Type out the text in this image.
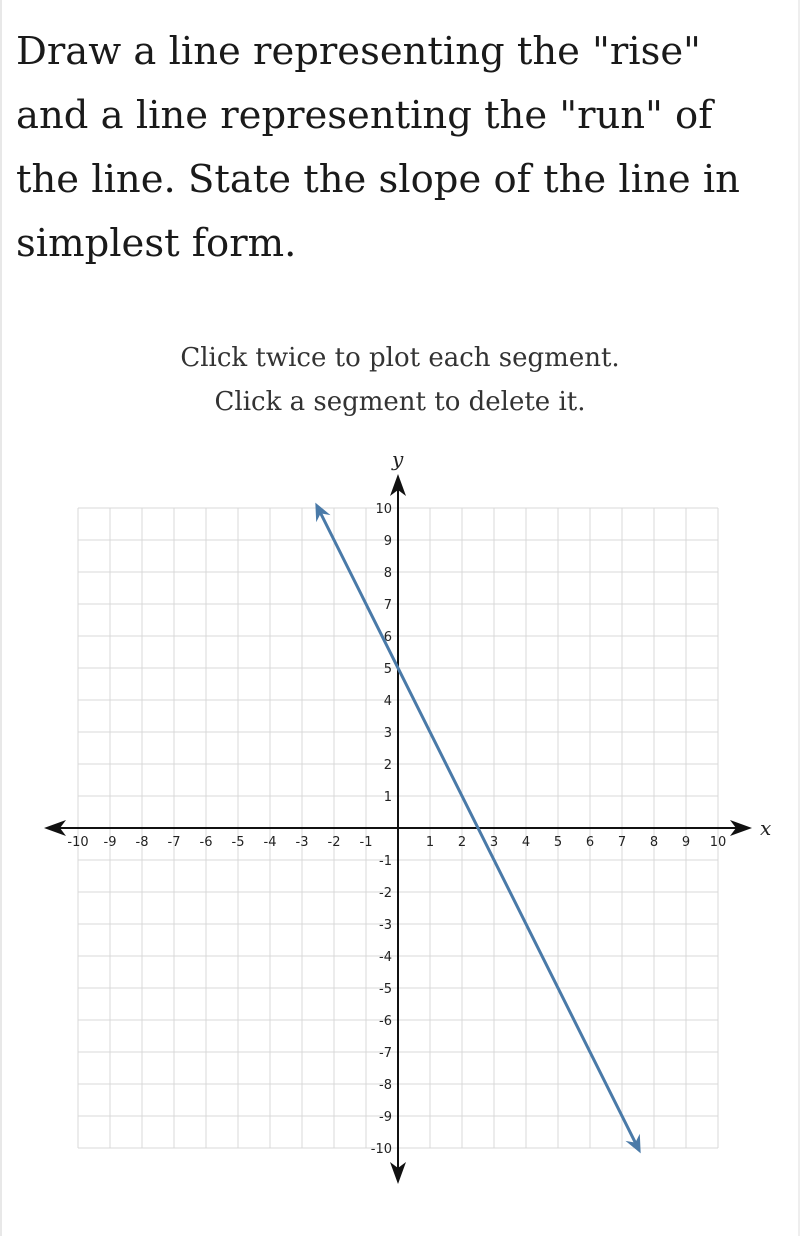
Draw a line representing the "rise"
and a line representing the "run" of
the line. State the slope of the line in
simplest form.
Click twice to plot each segment.
Click a segment to delete it.
-10 -9 -8 -7 -6 -5 -4 -3 -2 -1	1 2 3 4 5 6 7 8 9 10
10
9
8
7
6
5
4
3
2
1
-1
-2
-3
-4
-5
-6
-7
-8
-9
-10
x
y
